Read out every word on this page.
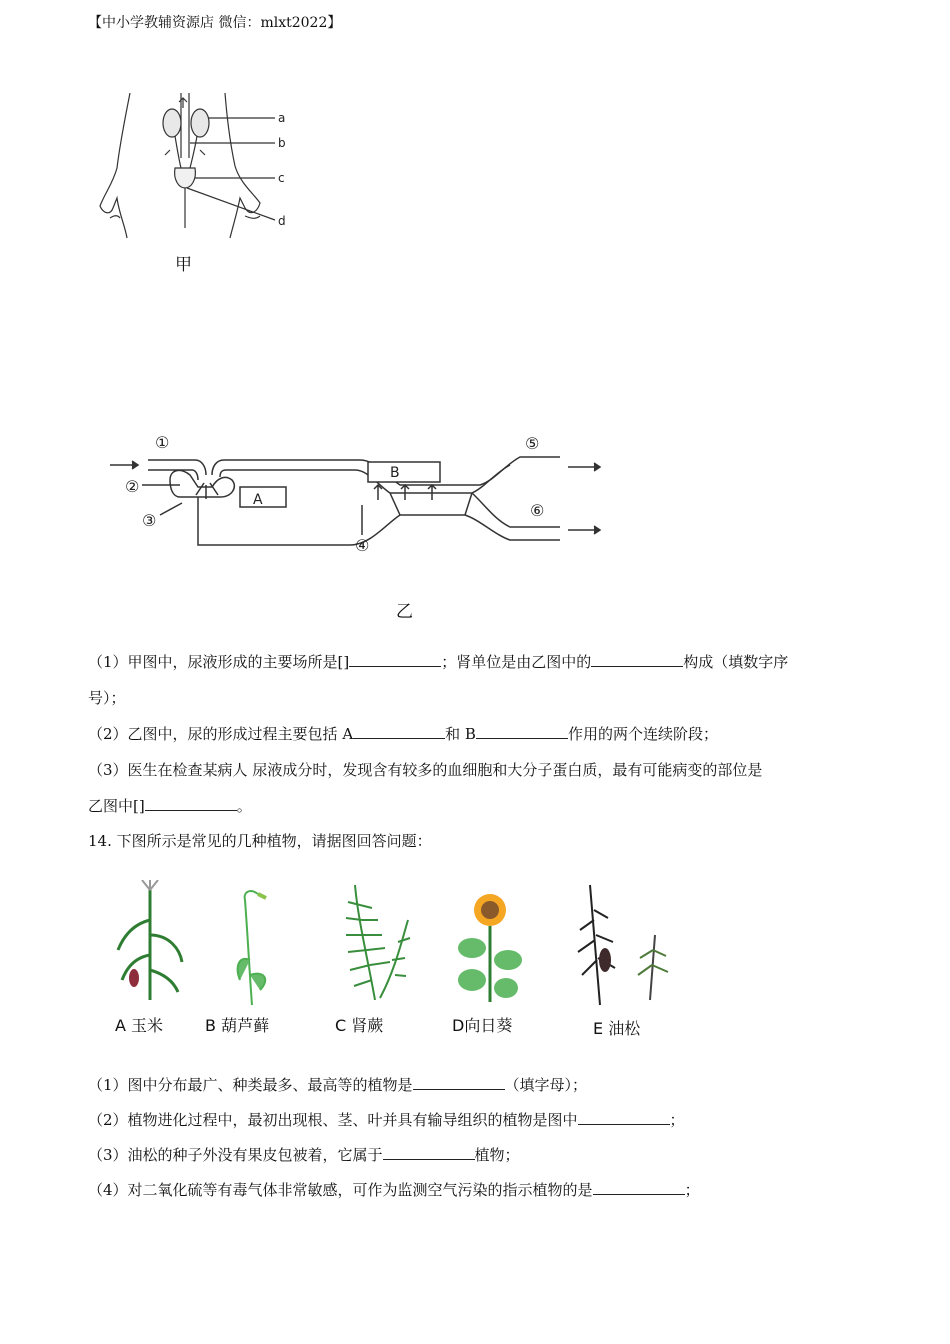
【中小学教辅资源店 微信：mlxt2022】
a
b
c
d
甲
A
B
①
②
③
④
⑤
⑥
乙
（1）甲图中，尿液形成的主要场所是[]	；肾单位是由乙图中的	构成（填数字序
号）；
（2）乙图中，尿的形成过程主要包括 A	和 B	作用的两个连续阶段；
（3）医生在检查某病人 尿液成分时，发现含有较多的血细胞和大分子蛋白质，最有可能病变的部位是
乙图中[]	。
14. 下图所示是常见的几种植物，请据图回答问题：
A 玉米	B 葫芦藓	C 肾蕨	D向日葵	E 油松
（1）图中分布最广、种类最多、最高等的植物是	（填字母）；
（2）植物进化过程中，最初出现根、茎、叶并具有输导组织的植物是图中	；
（3）油松的种子外没有果皮包被着，它属于	植物；
（4）对二氧化硫等有毒气体非常敏感，可作为监测空气污染的指示植物的是	；
